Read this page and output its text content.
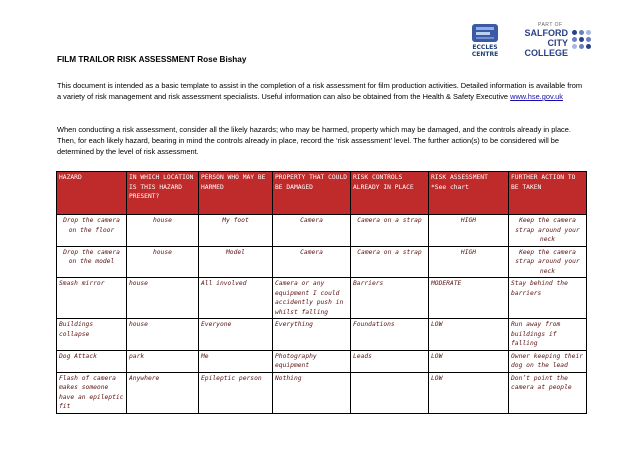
ECCLES
CENTRE
PART OF
SALFORD
CITY
COLLEGE
FILM TRAILOR RISK ASSESSMENT Rose Bishay
This document is intended as a basic template to assist in the completion of a risk assessment for film production activities. Detailed information is available from a variety of risk management and risk assessment specialists. Useful information can also be obtained from the Health & Safety Executive www.hse.gov.uk
When conducting a risk assessment, consider all the likely hazards; who may be harmed, property which may be damaged, and the controls already in place. Then, for each likely hazard, bearing in mind the controls already in place, record the ‘risk assessment’ level. The further action(s) to be considered will be determined by the level of risk assessment.
HAZARD	IN WHICH LOCATION IS THIS HAZARD PRESENT?	PERSON WHO MAY BE HARMED	PROPERTY THAT COULD BE DAMAGED	RISK CONTROLS ALREADY IN PLACE	RISK ASSESSMENT *See chart	FURTHER ACTION TO BE TAKEN
Drop the camera on the floor	house	My foot	Camera	Camera on a strap	HIGH	Keep the camera strap around your neck
Drop the camera on the model	house	Model	Camera	Camera on a strap	HIGH	Keep the camera strap around your neck
Smash mirror	house	All involved	Camera or any equipment I could accidently push in whilst falling	Barriers	MODERATE	Stay behind the barriers
Buildings collapse	house	Everyone	Everything	Foundations	LOW	Run away from buildings if falling
Dog Attack	park	Me	Photography equipment	Leads	LOW	Owner keeping their dog on the lead
Flash of camera makes someone have an epileptic fit	Anywhere	Epileptic person	Nothing		LOW	Don’t point the camera at people
